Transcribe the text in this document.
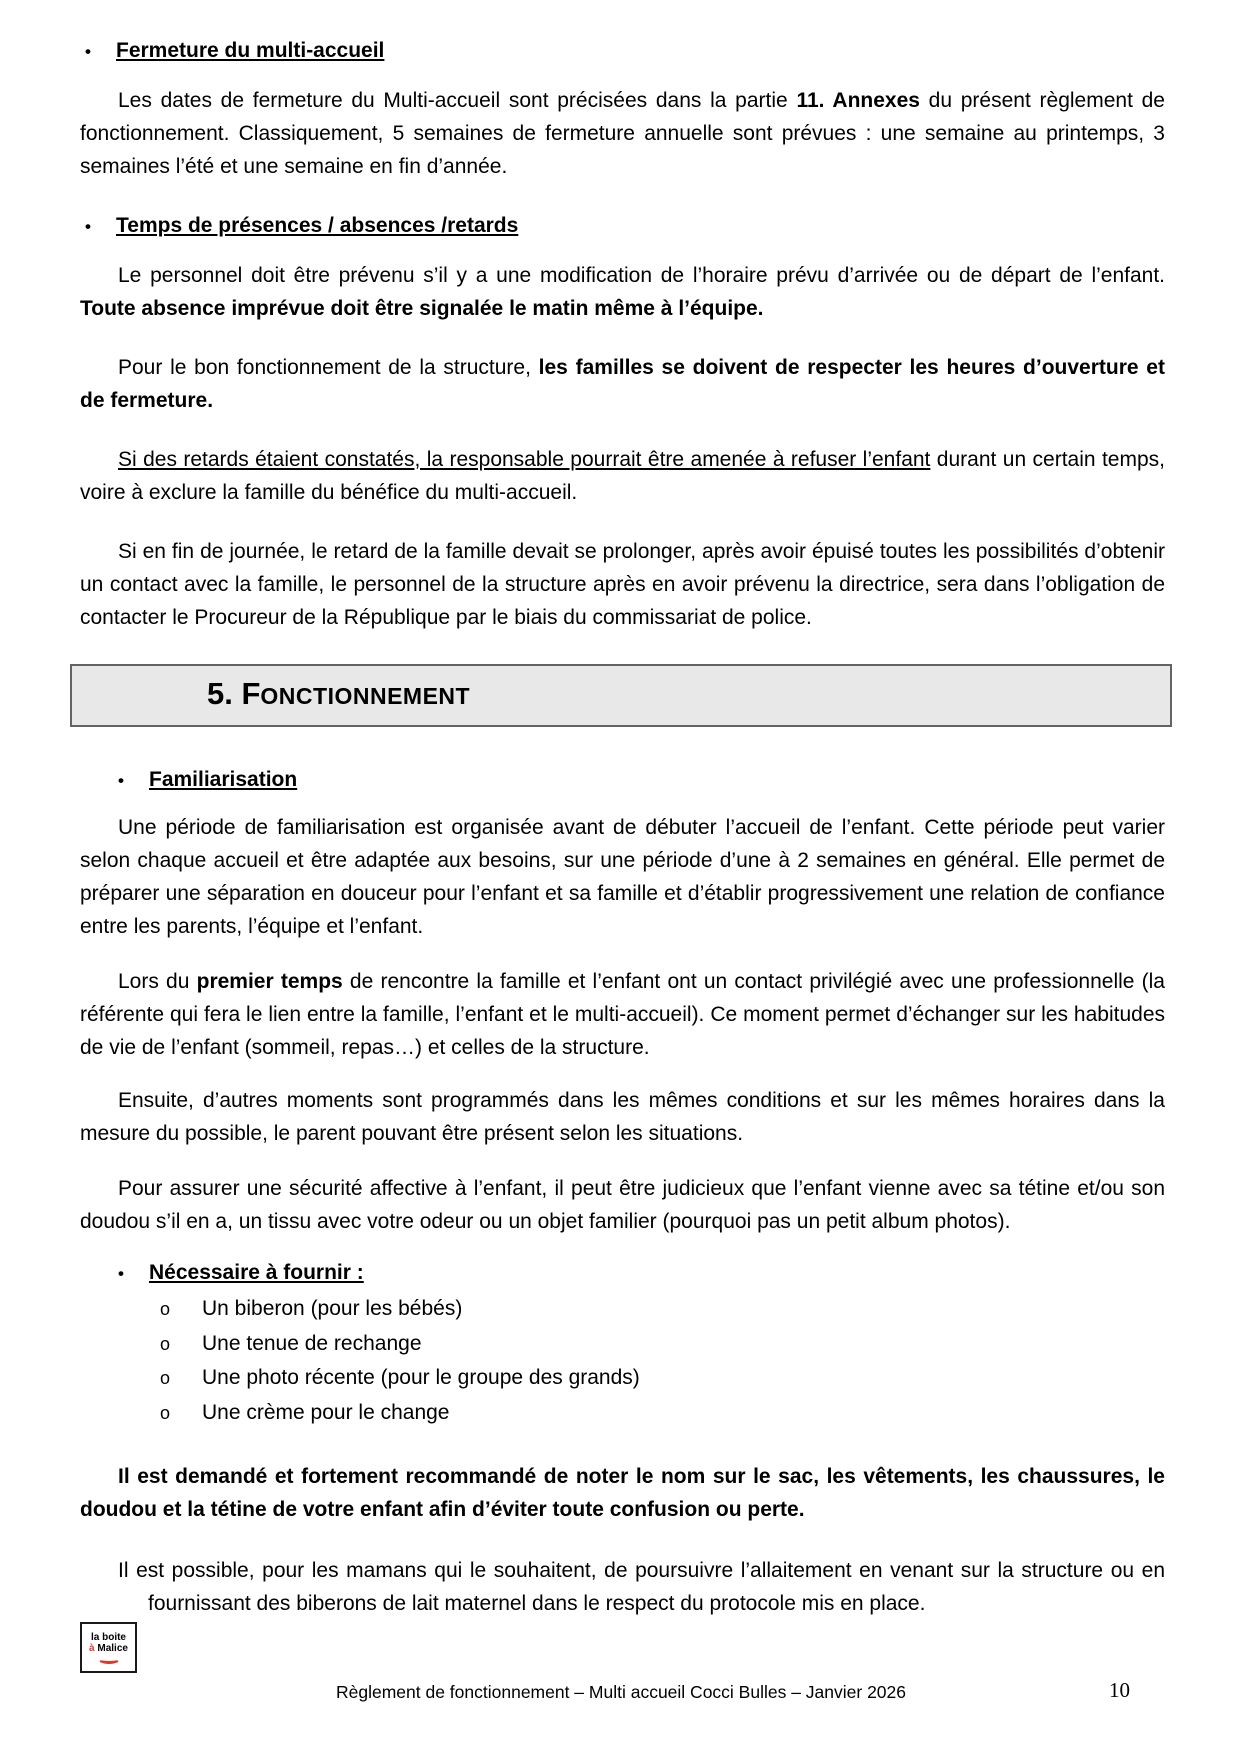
•	Fermeture du multi-accueil

Les dates de fermeture du Multi-accueil sont précisées dans la partie 11. Annexes du présent règlement de fonctionnement. Classiquement, 5 semaines de fermeture annuelle sont prévues : une semaine au printemps, 3 semaines l’été et une semaine en fin d’année.

•	Temps de présences / absences /retards

Le personnel doit être prévenu s’il y a une modification de l’horaire prévu d’arrivée ou de départ de l’enfant. Toute absence imprévue doit être signalée le matin même à l’équipe.

Pour le bon fonctionnement de la structure, les familles se doivent de respecter les heures d’ouverture et de fermeture.

Si des retards étaient constatés, la responsable pourrait être amenée à refuser l’enfant durant un certain temps, voire à exclure la famille du bénéfice du multi-accueil.

Si en fin de journée, le retard de la famille devait se prolonger, après avoir épuisé toutes les possibilités d’obtenir un contact avec la famille, le personnel de la structure après en avoir prévenu la directrice, sera dans l’obligation de contacter le Procureur de la République par le biais du commissariat de police.

5. FONCTIONNEMENT
•	Familiarisation

Une période de familiarisation est organisée avant de débuter l’accueil de l’enfant. Cette période peut varier selon chaque accueil et être adaptée aux besoins, sur une période d’une à 2 semaines en général. Elle permet de préparer une séparation en douceur pour l’enfant et sa famille et d’établir progressivement une relation de confiance entre les parents, l’équipe et l’enfant.

Lors du premier temps de rencontre la famille et l’enfant ont un contact privilégié avec une professionnelle (la référente qui fera le lien entre la famille, l’enfant et le multi-accueil). Ce moment permet d’échanger sur les habitudes de vie de l’enfant (sommeil, repas…) et celles de la structure.

Ensuite, d’autres moments sont programmés dans les mêmes conditions et sur les mêmes horaires dans la mesure du possible, le parent pouvant être présent selon les situations.

Pour assurer une sécurité affective à l’enfant, il peut être judicieux que l’enfant vienne avec sa tétine et/ou son doudou s’il en a, un tissu avec votre odeur ou un objet familier (pourquoi pas un petit album photos).

•	Nécessaire à fournir :
o	Un biberon (pour les bébés)
o	Une tenue de rechange
o	Une photo récente (pour le groupe des grands)
o	Une crème pour le change

Il est demandé et fortement recommandé de noter le nom sur le sac, les vêtements, les chaussures, le doudou et la tétine de votre enfant afin d’éviter toute confusion ou perte.

Il est possible, pour les mamans qui le souhaitent, de poursuivre l’allaitement en venant sur la structure ou en fournissant des biberons de lait maternel dans le respect du protocole mis en place.

la boite
à Malice
Règlement de fonctionnement – Multi accueil Cocci Bulles – Janvier 2026	10
